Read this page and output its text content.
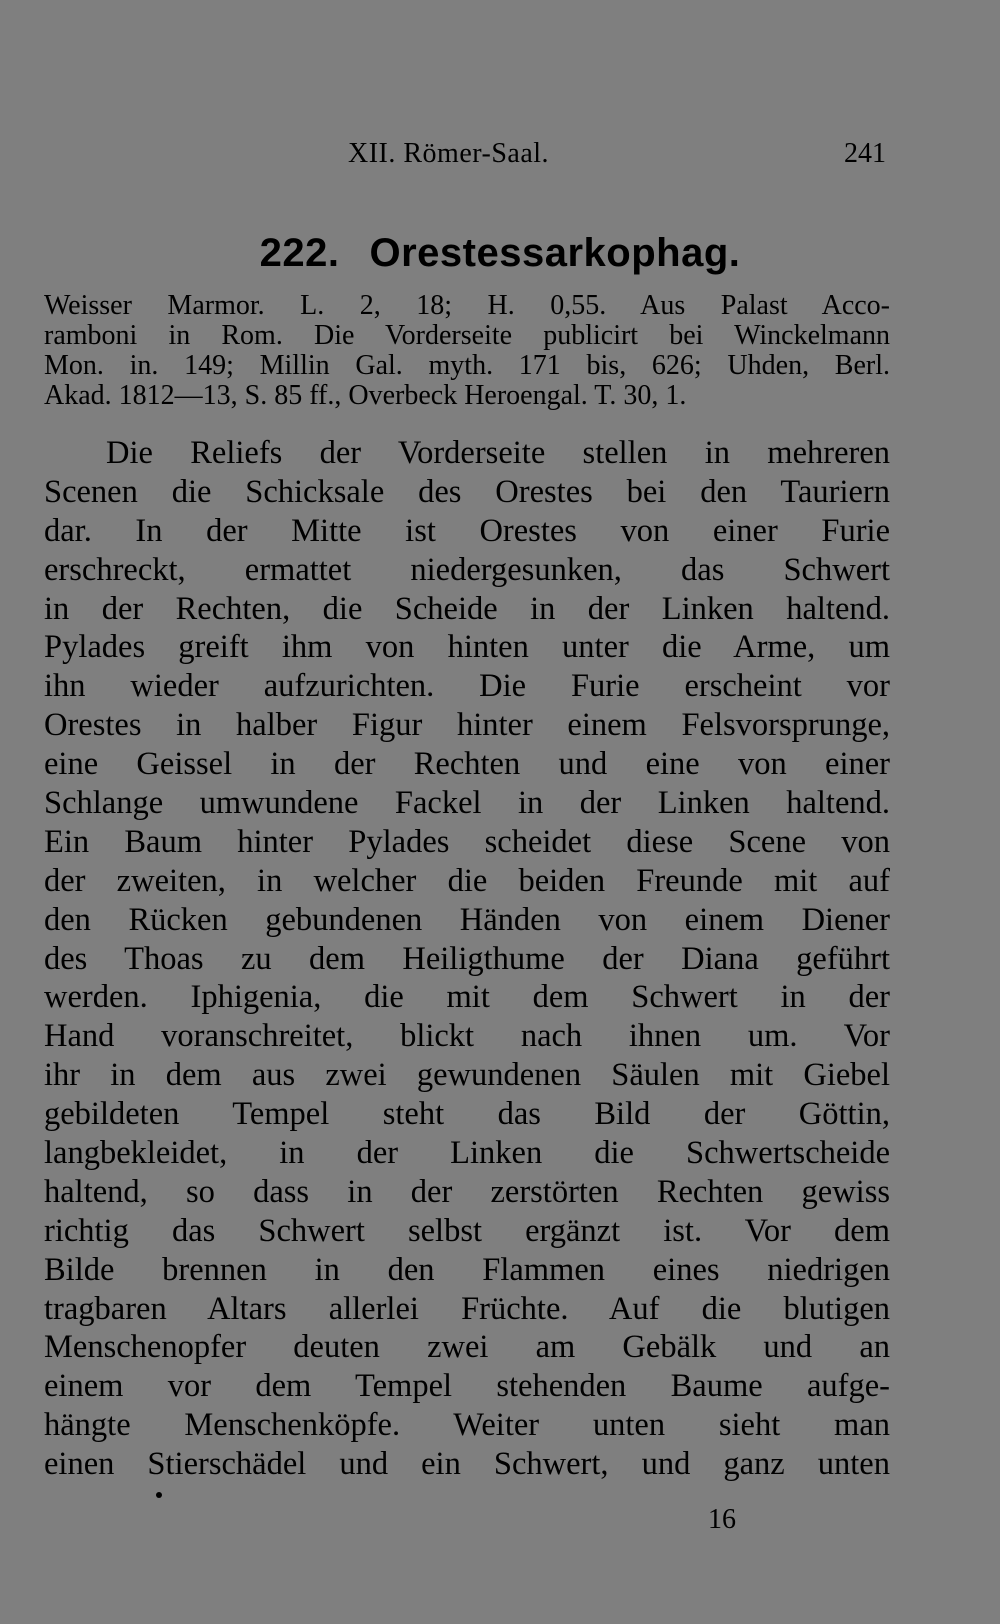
XII. Römer-Saal.	241
222. Orestessarkophag.
Weisser Marmor. L. 2, 18; H. 0,55. Aus Palast Acco-
ramboni in Rom. Die Vorderseite publicirt bei Winckelmann
Mon. in. 149; Millin Gal. myth. 171 bis, 626; Uhden, Berl.
Akad. 1812—13, S. 85 ff., Overbeck Heroengal. T. 30, 1.
Die Reliefs der Vorderseite stellen in mehreren
Scenen die Schicksale des Orestes bei den Tauriern
dar. In der Mitte ist Orestes von einer Furie
erschreckt, ermattet niedergesunken, das Schwert
in der Rechten, die Scheide in der Linken haltend.
Pylades greift ihm von hinten unter die Arme, um
ihn wieder aufzurichten. Die Furie erscheint vor
Orestes in halber Figur hinter einem Felsvorsprunge,
eine Geissel in der Rechten und eine von einer
Schlange umwundene Fackel in der Linken haltend.
Ein Baum hinter Pylades scheidet diese Scene von
der zweiten, in welcher die beiden Freunde mit auf
den Rücken gebundenen Händen von einem Diener
des Thoas zu dem Heiligthume der Diana geführt
werden. Iphigenia, die mit dem Schwert in der
Hand voranschreitet, blickt nach ihnen um. Vor
ihr in dem aus zwei gewundenen Säulen mit Giebel
gebildeten Tempel steht das Bild der Göttin,
langbekleidet, in der Linken die Schwertscheide
haltend, so dass in der zerstörten Rechten gewiss
richtig das Schwert selbst ergänzt ist. Vor dem
Bilde brennen in den Flammen eines niedrigen
tragbaren Altars allerlei Früchte. Auf die blutigen
Menschenopfer deuten zwei am Gebälk und an
einem vor dem Tempel stehenden Baume aufge-
hängte Menschenköpfe. Weiter unten sieht man
einen Stierschädel und ein Schwert, und ganz unten
16
